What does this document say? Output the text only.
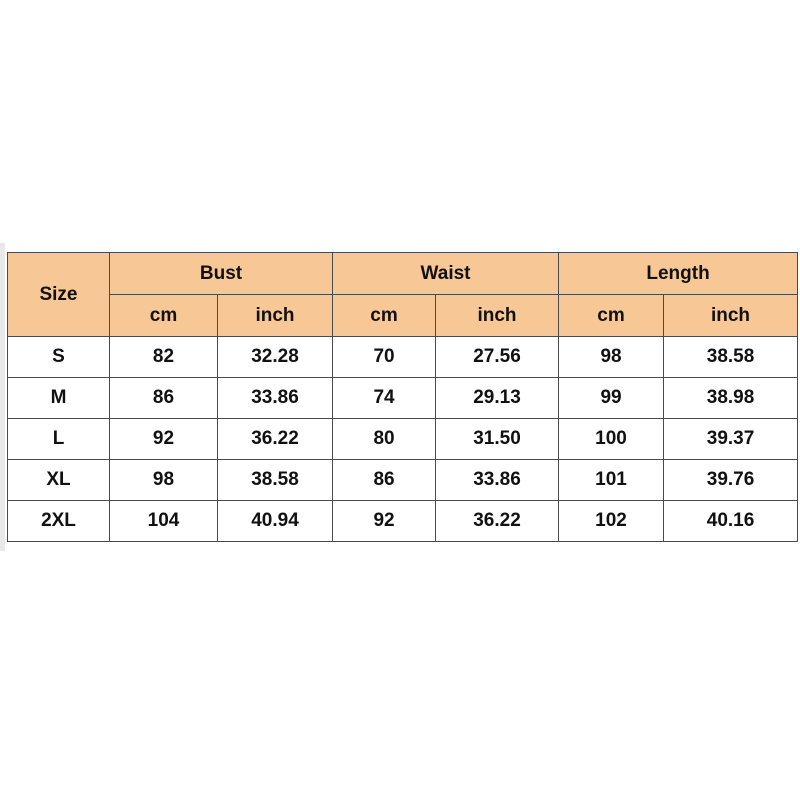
Size	Bust		Waist		Length	
	cm	inch	cm	inch	cm	inch
S	82	32.28	70	27.56	98	38.58
M	86	33.86	74	29.13	99	38.98
L	92	36.22	80	31.50	100	39.37
XL	98	38.58	86	33.86	101	39.76
2XL	104	40.94	92	36.22	102	40.16
